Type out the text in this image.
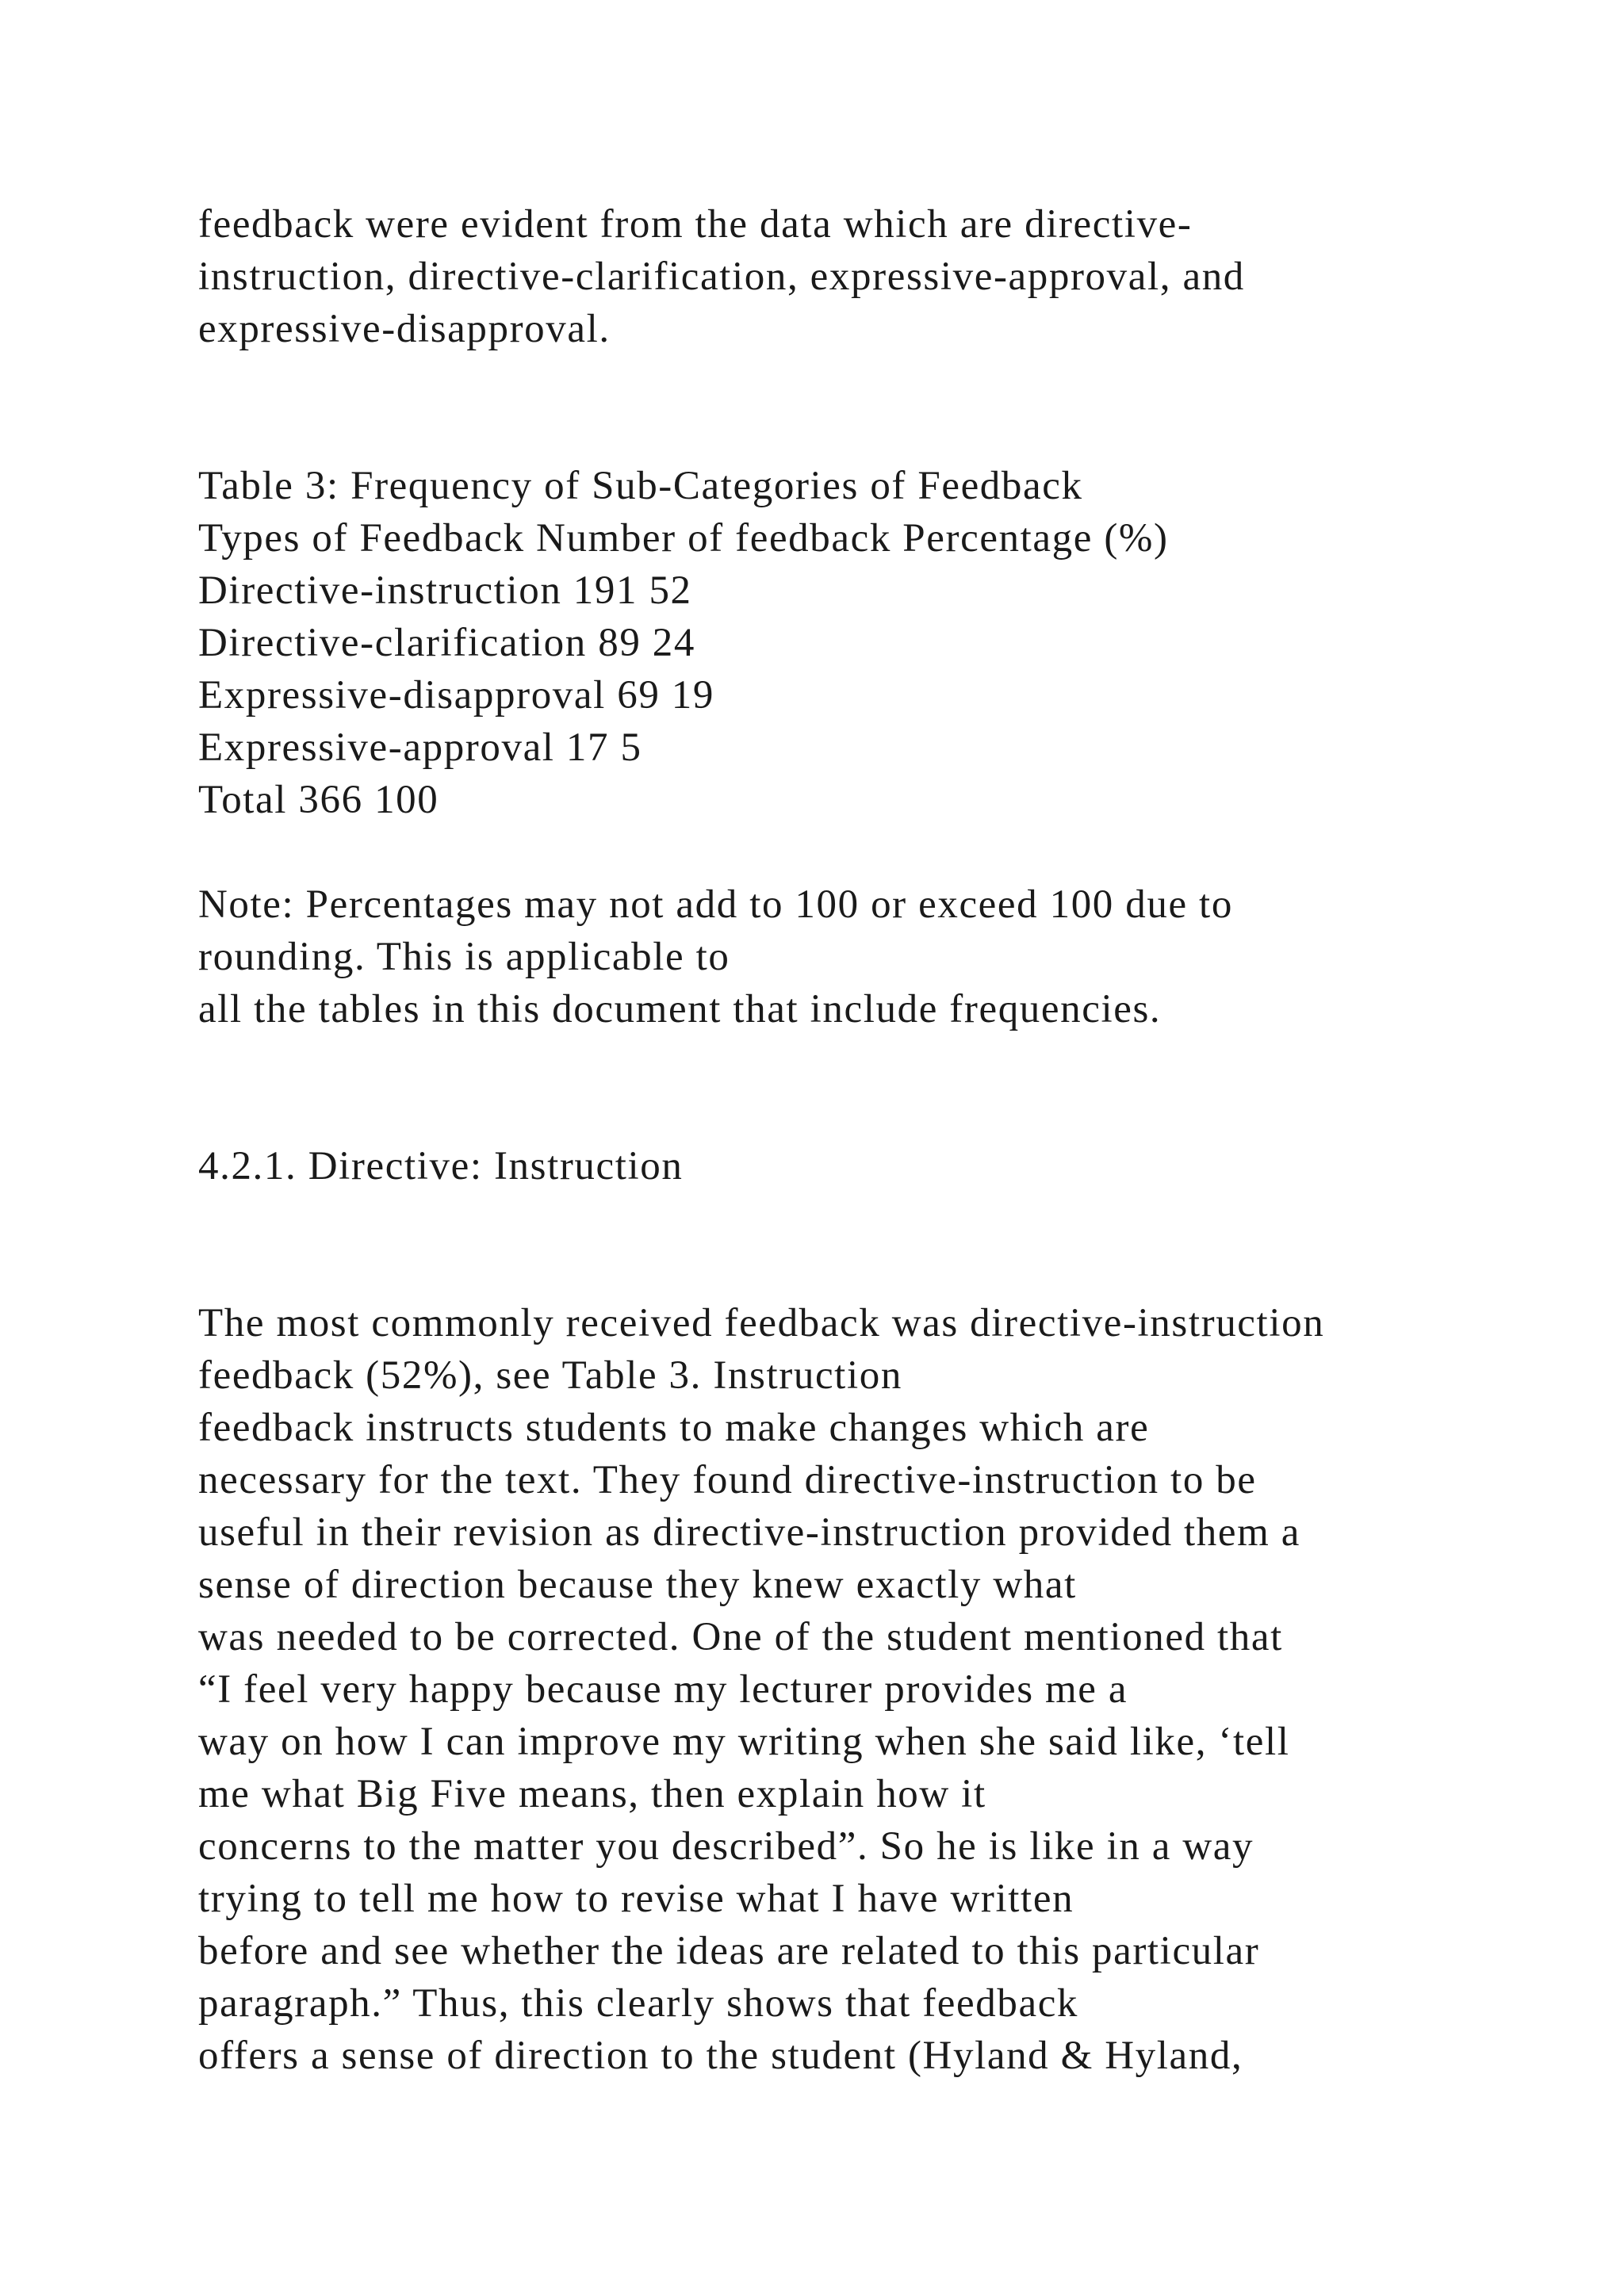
feedback were evident from the data which are directive-

instruction, directive-clarification, expressive-approval, and

expressive-disapproval.

Table 3: Frequency of Sub-Categories of Feedback

Types of Feedback Number of feedback Percentage (%)

Directive-instruction 191 52

Directive-clarification 89 24

Expressive-disapproval 69 19

Expressive-approval 17 5

Total 366 100

Note: Percentages may not add to 100 or exceed 100 due to

rounding. This is applicable to

all the tables in this document that include frequencies.

4.2.1. Directive: Instruction

The most commonly received feedback was directive-instruction

feedback (52%), see Table 3. Instruction

feedback instructs students to make changes which are

necessary for the text. They found directive-instruction to be

useful in their revision as directive-instruction provided them a

sense of direction because they knew exactly what

was needed to be corrected. One of the student mentioned that

“I feel very happy because my lecturer provides me a

way on how I can improve my writing when she said like, ‘tell

me what Big Five means, then explain how it

concerns to the matter you described”. So he is like in a way

trying to tell me how to revise what I have written

before and see whether the ideas are related to this particular

paragraph.” Thus, this clearly shows that feedback

offers a sense of direction to the student (Hyland & Hyland,
